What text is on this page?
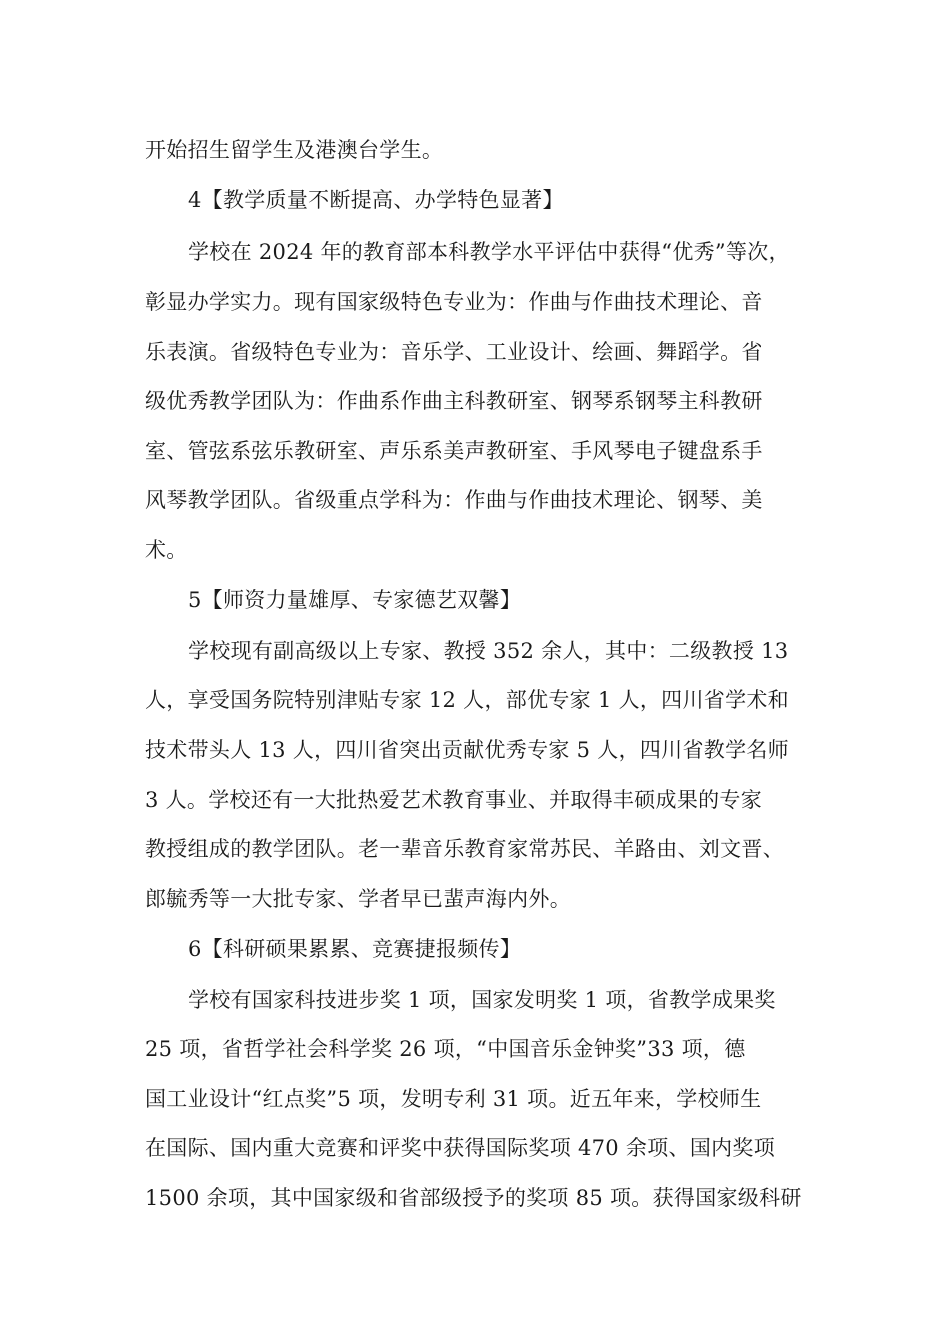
开始招生留学生及港澳台学生。
4【教学质量不断提高、办学特色显著】
学校在 2024 年的教育部本科教学水平评估中获得“优秀”等次，
彰显办学实力。现有国家级特色专业为：作曲与作曲技术理论、音
乐表演。省级特色专业为：音乐学、工业设计、绘画、舞蹈学。省
级优秀教学团队为：作曲系作曲主科教研室、钢琴系钢琴主科教研
室、管弦系弦乐教研室、声乐系美声教研室、手风琴电子键盘系手
风琴教学团队。省级重点学科为：作曲与作曲技术理论、钢琴、美
术。
5【师资力量雄厚、专家德艺双馨】
学校现有副高级以上专家、教授 352 余人，其中：二级教授 13
人，享受国务院特别津贴专家 12 人，部优专家 1 人，四川省学术和
技术带头人 13 人，四川省突出贡献优秀专家 5 人，四川省教学名师
3 人。学校还有一大批热爱艺术教育事业、并取得丰硕成果的专家
教授组成的教学团队。老一辈音乐教育家常苏民、羊路由、刘文晋、
郎毓秀等一大批专家、学者早已蜚声海内外。
6【科研硕果累累、竞赛捷报频传】
学校有国家科技进步奖 1 项，国家发明奖 1 项，省教学成果奖
25 项，省哲学社会科学奖 26 项，“中国音乐金钟奖”33 项，德
国工业设计“红点奖”5 项，发明专利 31 项。近五年来，学校师生
在国际、国内重大竞赛和评奖中获得国际奖项 470 余项、国内奖项
1500 余项，其中国家级和省部级授予的奖项 85 项。获得国家级科研
